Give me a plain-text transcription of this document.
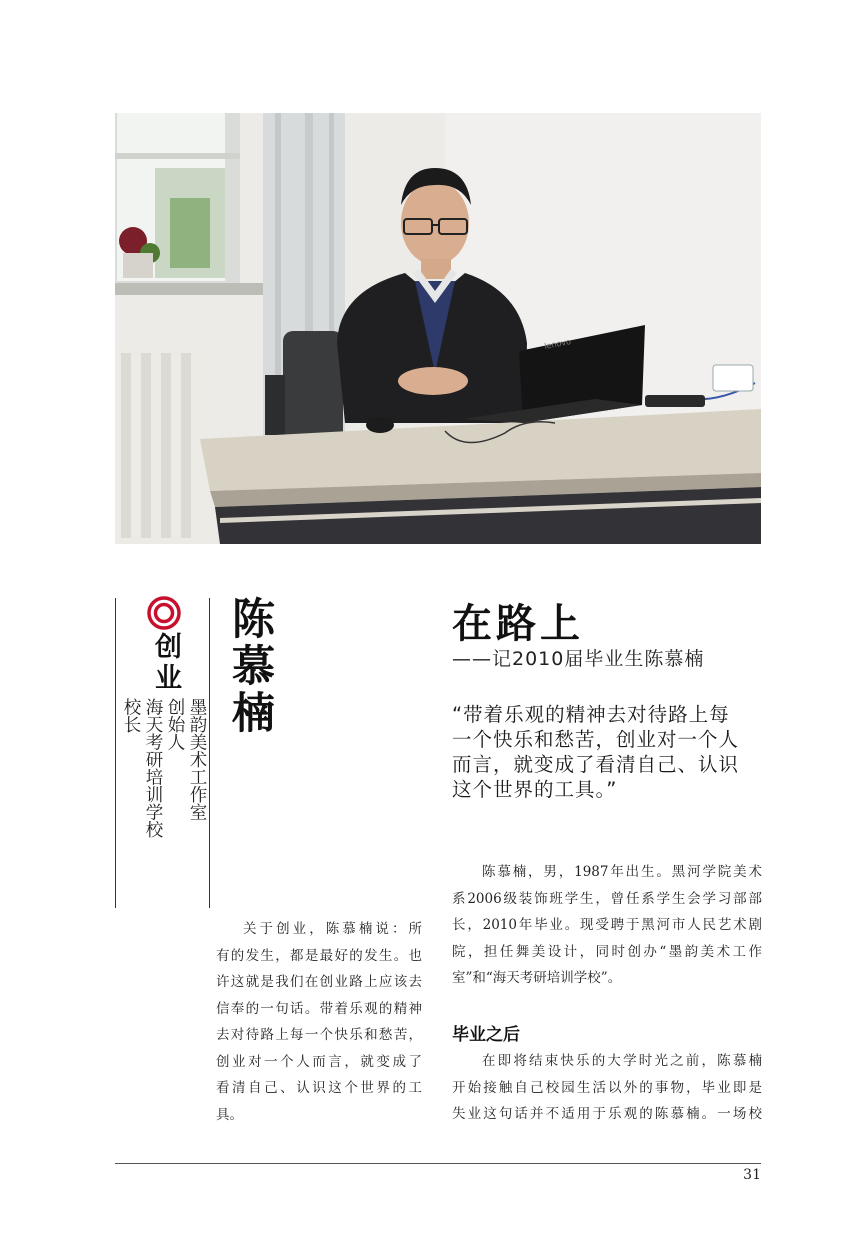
lenovo
创业
墨韵美术工作室
创始人
海天考研培训学校
校长 陈慕楠	在路上
——记2010届毕业生陈慕楠
“带着乐观的精神去对待路上每
一个快乐和愁苦，创业对一个人
而言，就变成了看清自己、认识
这个世界的工具。”
关于创业，陈慕楠说：所
有的发生，都是最好的发生。也
许这就是我们在创业路上应该去
信奉的一句话。带着乐观的精神
去对待路上每一个快乐和愁苦，
创业对一个人而言，就变成了
看清自己、认识这个世界的工
具。
陈慕楠，男，1987年出生。黑河学院美术
系2006级装饰班学生，曾任系学生会学习部部
长，2010年毕业。现受聘于黑河市人民艺术剧
院，担任舞美设计，同时创办“墨韵美术工作
室”和“海天考研培训学校”。
毕业之后
在即将结束快乐的大学时光之前，陈慕楠
开始接触自己校园生活以外的事物，毕业即是
失业这句话并不适用于乐观的陈慕楠。一场校
31
